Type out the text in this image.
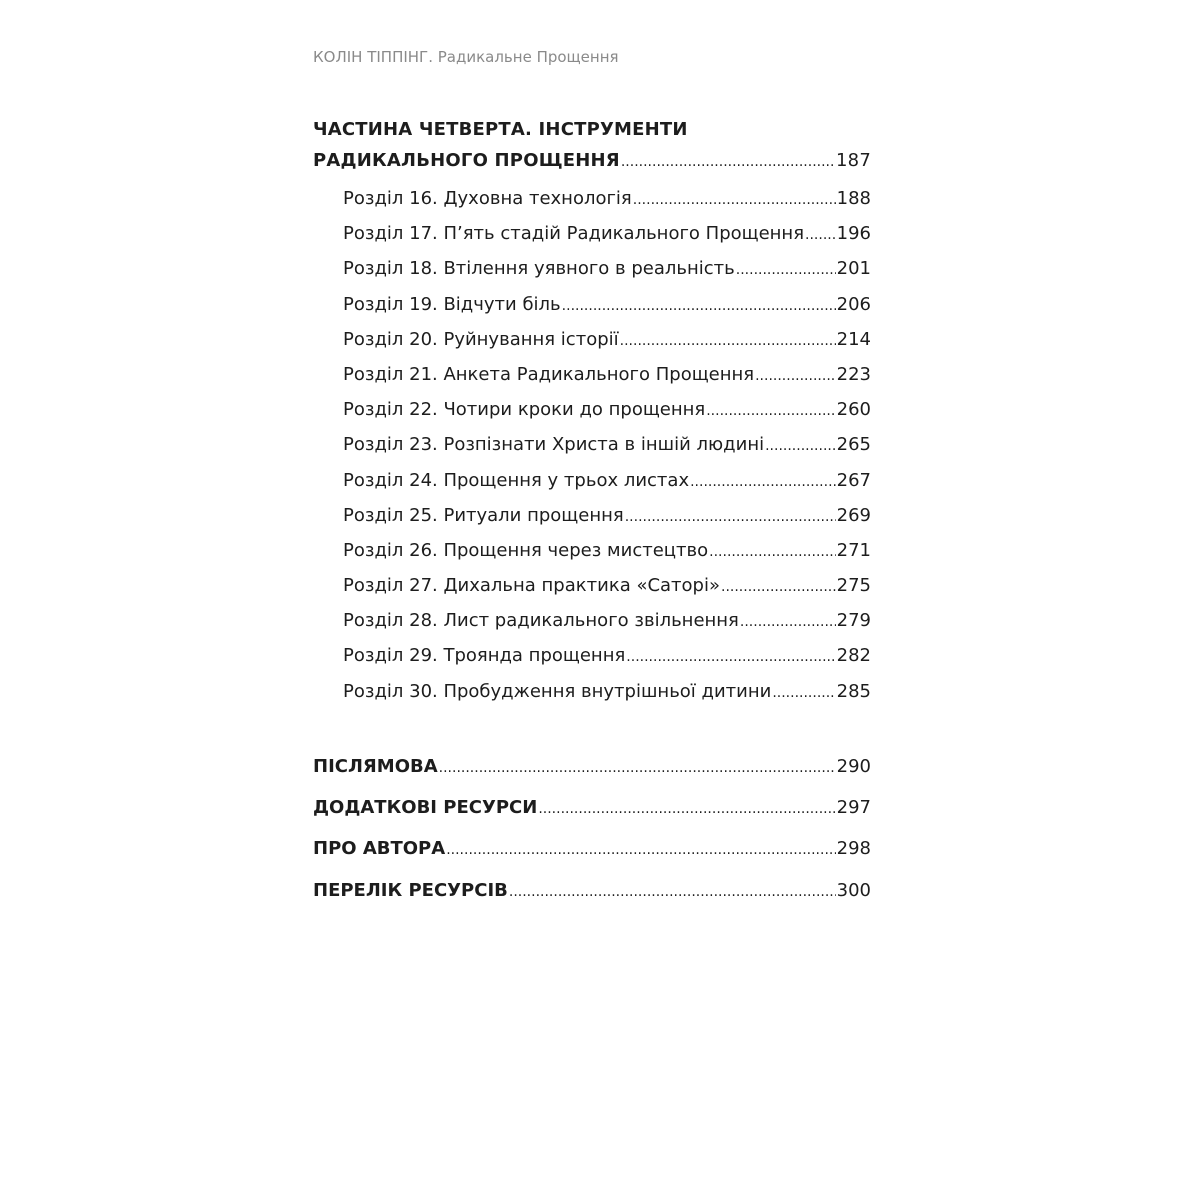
КОЛІН ТІППІНГ. Радикальне Прощення
ЧАСТИНА ЧЕТВЕРТА. ІНСТРУМЕНТИ
РАДИКАЛЬНОГО ПРОЩЕННЯ .....	187
Розділ 16. Духовна технологія .....	188
Розділ 17. П’ять стадій Радикального Прощення ..... 196
Розділ 18. Втілення уявного в реальність .....	201
Розділ 19. Відчути біль .....	206
Розділ 20. Руйнування історії .....	214
Розділ 21. Анкета Радикального Прощення .....	223
Розділ 22. Чотири кроки до прощення .....	260
Розділ 23. Розпізнати Христа в іншій людині .....	265
Розділ 24. Прощення у трьох листах .....	267
Розділ 25. Ритуали прощення .....	269
Розділ 26. Прощення через мистецтво .....	271
Розділ 27. Дихальна практика «Саторі» .....	275
Розділ 28. Лист радикального звільнення .....	279
Розділ 29. Троянда прощення .....	282
Розділ 30. Пробудження внутрішньої дитини .....	285
ПІСЛЯМОВА .....	290
ДОДАТКОВІ РЕСУРСИ .....	297
ПРО АВТОРА .....	298
ПЕРЕЛІК РЕСУРСІВ .....	300
